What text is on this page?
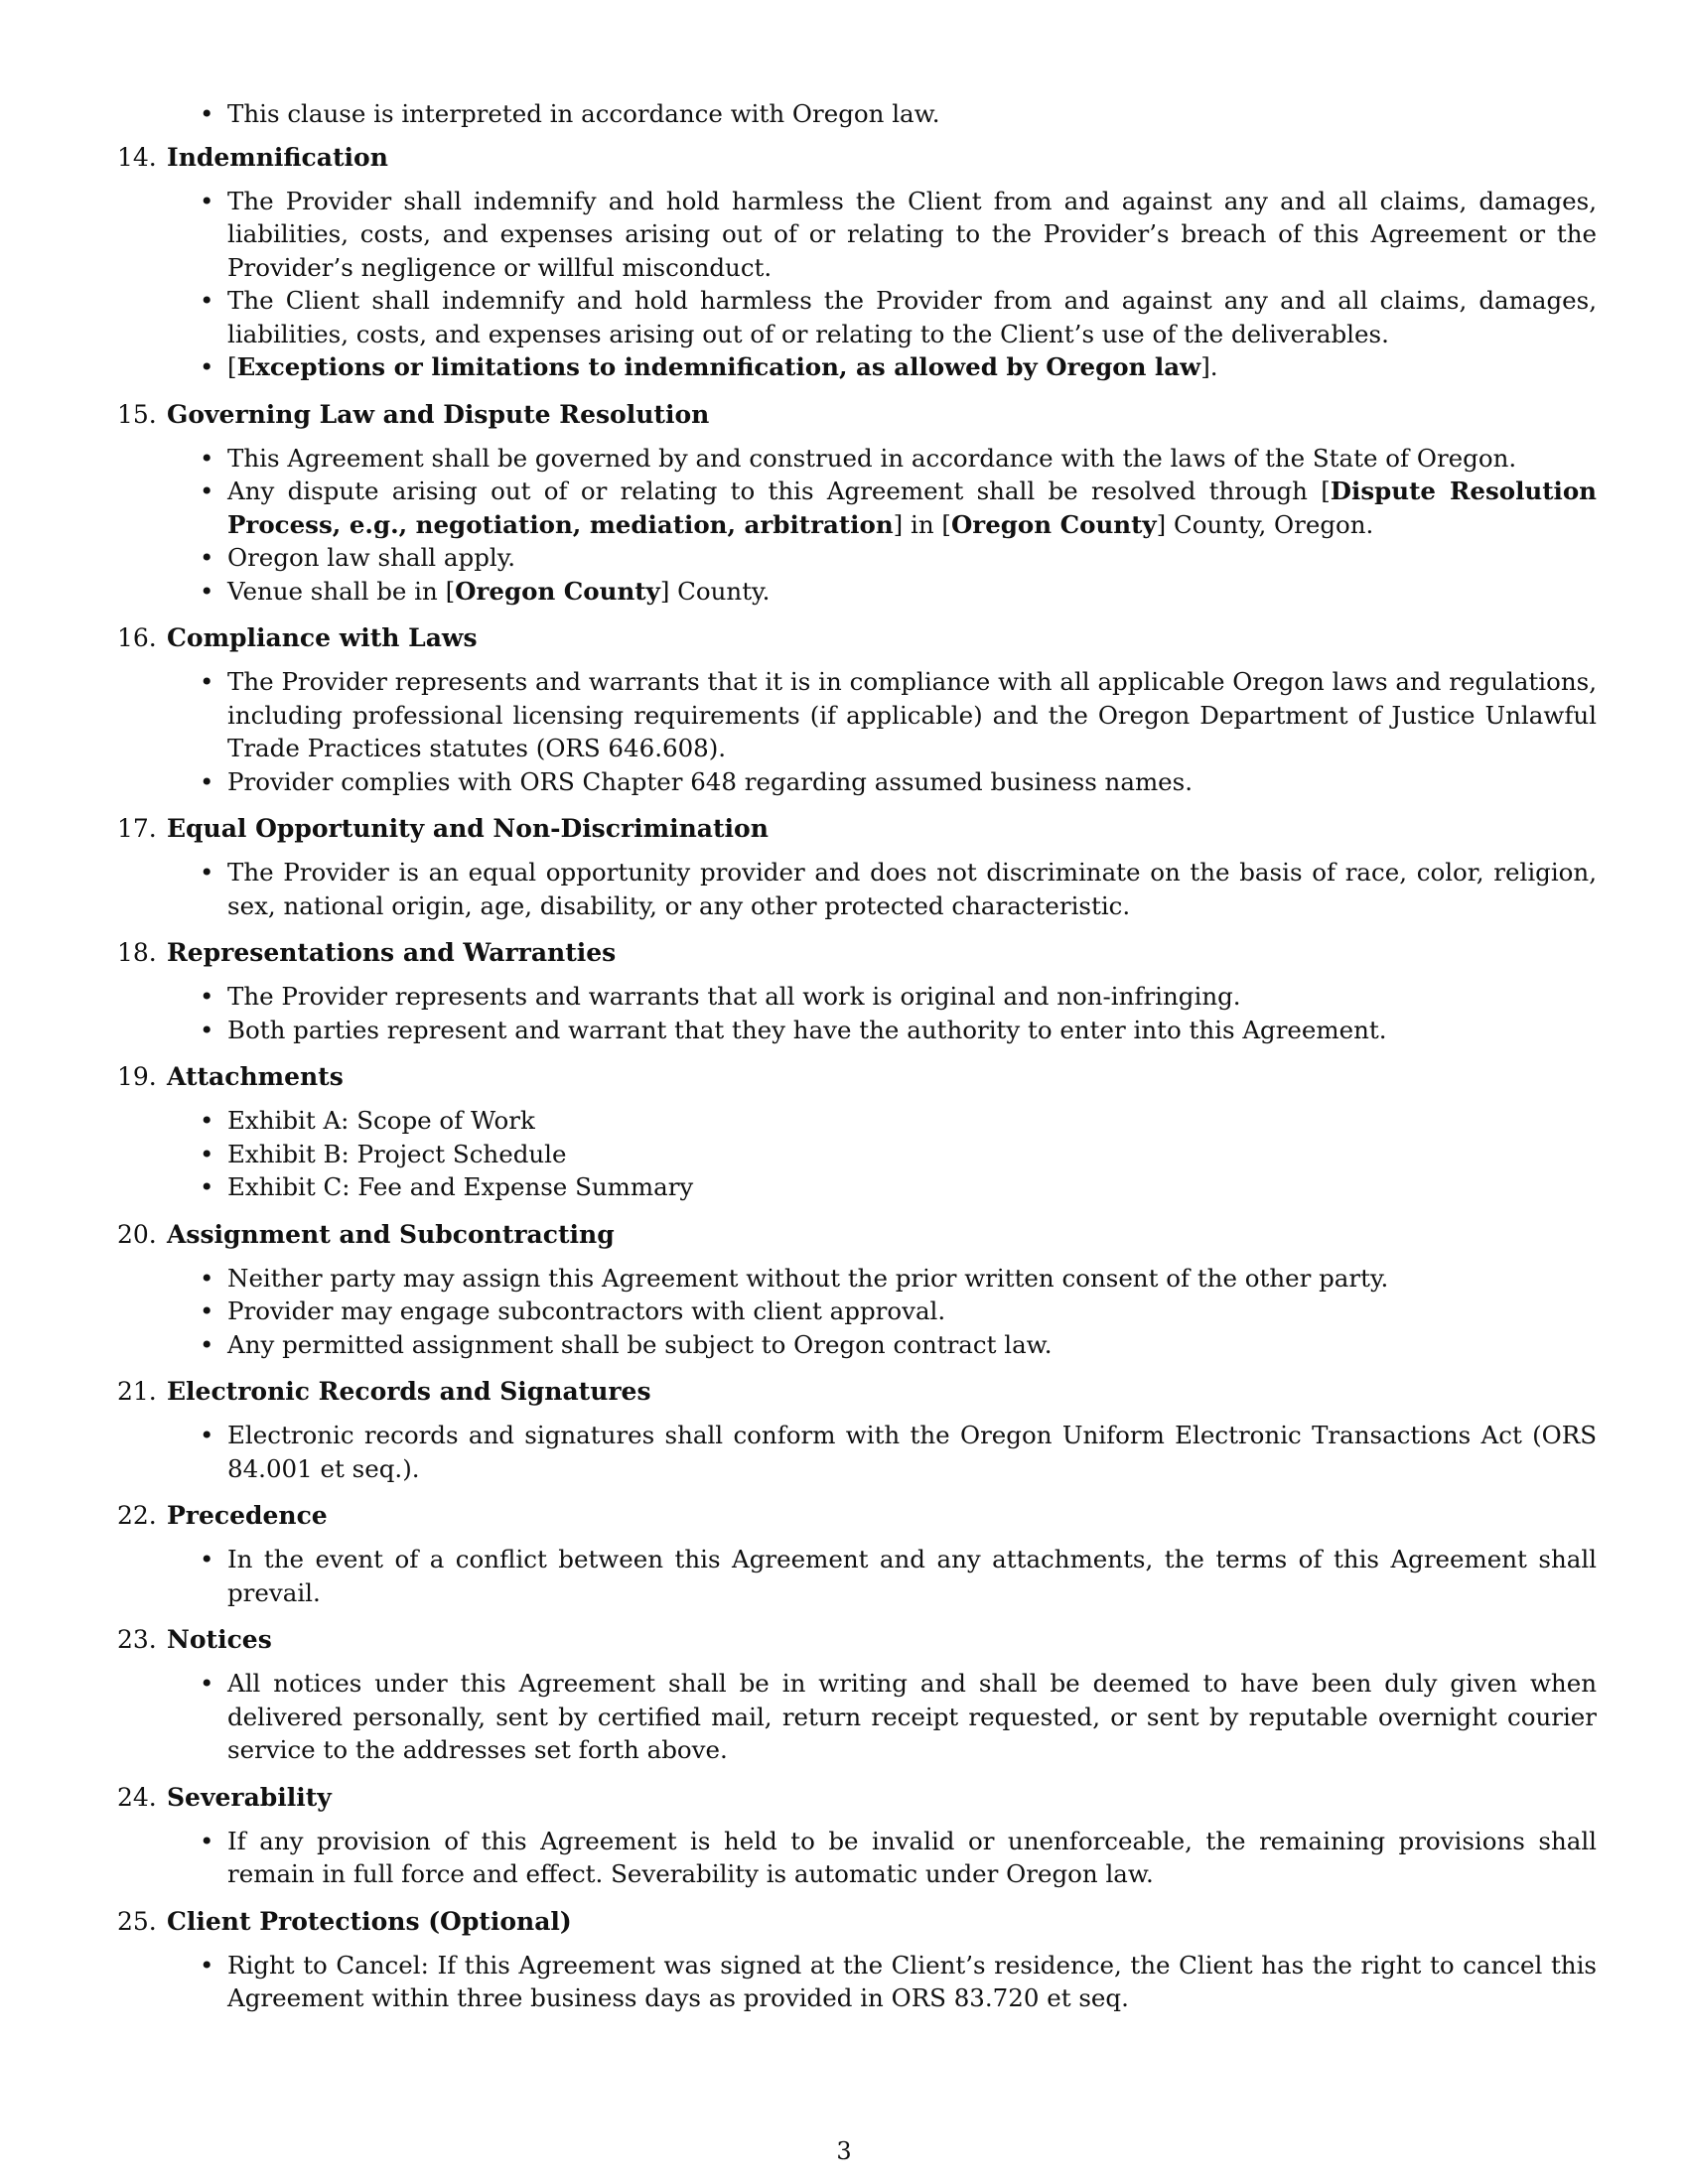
• This clause is interpreted in accordance with Oregon law.
14. Indemnification
• The Provider shall indemnify and hold harmless the Client from and against any and all claims, damages, liabilities, costs, and expenses arising out of or relating to the Provider’s breach of this Agreement or the Provider’s negligence or willful misconduct.
• The Client shall indemnify and hold harmless the Provider from and against any and all claims, damages, liabilities, costs, and expenses arising out of or relating to the Client’s use of the deliverables.
• [Exceptions or limitations to indemnification, as allowed by Oregon law].
15. Governing Law and Dispute Resolution
• This Agreement shall be governed by and construed in accordance with the laws of the State of Oregon.
• Any dispute arising out of or relating to this Agreement shall be resolved through [Dispute Resolution Process, e.g., negotiation, mediation, arbitration] in [Oregon County] County, Oregon.
• Oregon law shall apply.
• Venue shall be in [Oregon County] County.
16. Compliance with Laws
• The Provider represents and warrants that it is in compliance with all applicable Oregon laws and regulations, including professional licensing requirements (if applicable) and the Oregon Department of Justice Unlawful Trade Practices statutes (ORS 646.608).
• Provider complies with ORS Chapter 648 regarding assumed business names.
17. Equal Opportunity and Non-Discrimination
• The Provider is an equal opportunity provider and does not discriminate on the basis of race, color, religion, sex, national origin, age, disability, or any other protected characteristic.
18. Representations and Warranties
• The Provider represents and warrants that all work is original and non-infringing.
• Both parties represent and warrant that they have the authority to enter into this Agreement.
19. Attachments
• Exhibit A: Scope of Work
• Exhibit B: Project Schedule
• Exhibit C: Fee and Expense Summary
20. Assignment and Subcontracting
• Neither party may assign this Agreement without the prior written consent of the other party.
• Provider may engage subcontractors with client approval.
• Any permitted assignment shall be subject to Oregon contract law.
21. Electronic Records and Signatures
• Electronic records and signatures shall conform with the Oregon Uniform Electronic Transactions Act (ORS 84.001 et seq.).
22. Precedence
• In the event of a conflict between this Agreement and any attachments, the terms of this Agreement shall prevail.
23. Notices
• All notices under this Agreement shall be in writing and shall be deemed to have been duly given when delivered personally, sent by certified mail, return receipt requested, or sent by reputable overnight courier service to the addresses set forth above.
24. Severability
• If any provision of this Agreement is held to be invalid or unenforceable, the remaining provisions shall remain in full force and effect. Severability is automatic under Oregon law.
25. Client Protections (Optional)
• Right to Cancel: If this Agreement was signed at the Client’s residence, the Client has the right to cancel this Agreement within three business days as provided in ORS 83.720 et seq.
3
